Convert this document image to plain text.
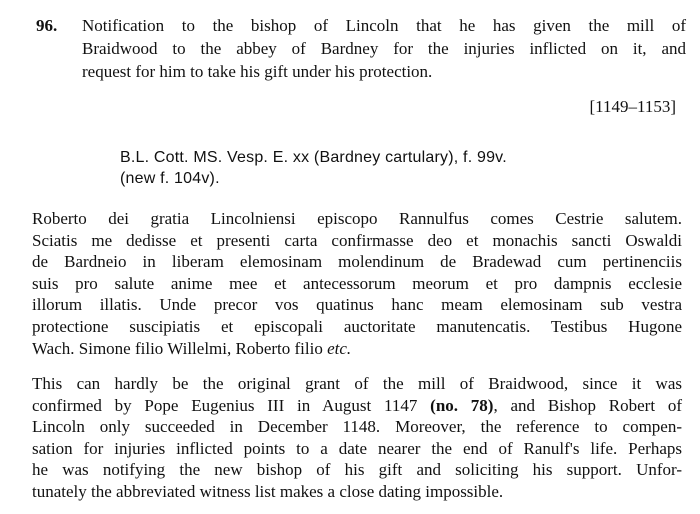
96.	Notification to the bishop of Lincoln that he has given the mill of
Braidwood to the abbey of Bardney for the injuries inflicted on it, and
request for him to take his gift under his protection.
[1149–1153]
B.L. Cott. MS. Vesp. E. xx (Bardney cartulary), f. 99v.
(new f. 104v).
Roberto dei gratia Lincolniensi episcopo Rannulfus comes Cestrie salutem.
Sciatis me dedisse et presenti carta confirmasse deo et monachis sancti Oswaldi
de Bardneio in liberam elemosinam molendinum de Bradewad cum pertinenciis
suis pro salute anime mee et antecessorum meorum et pro dampnis ecclesie
illorum illatis. Unde precor vos quatinus hanc meam elemosinam sub vestra
protectione suscipiatis et episcopali auctoritate manutencatis. Testibus Hugone
Wach. Simone filio Willelmi, Roberto filio etc.
This can hardly be the original grant of the mill of Braidwood, since it was
confirmed by Pope Eugenius III in August 1147 (no. 78), and Bishop Robert of
Lincoln only succeeded in December 1148. Moreover, the reference to compen-
sation for injuries inflicted points to a date nearer the end of Ranulf's life. Perhaps
he was notifying the new bishop of his gift and soliciting his support. Unfor-
tunately the abbreviated witness list makes a close dating impossible.
